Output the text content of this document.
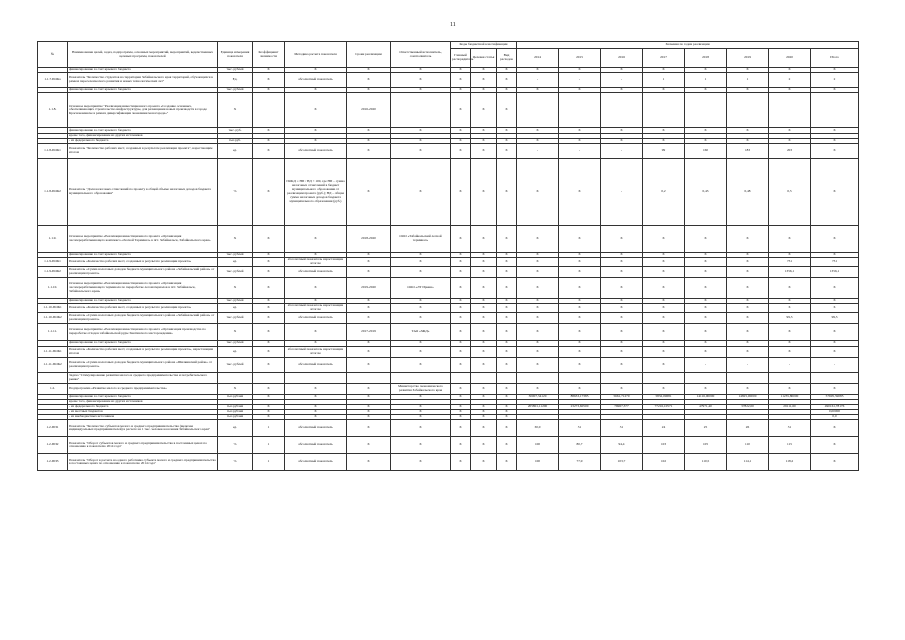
11
№	Наименование целей, задач, подпрограмм, основных мероприятий, мероприятий, ведомственных целевых программ, показателей	Единица измерения показателя	Коэффициент значимости	Методика расчета показателя	Сроки реализации	Ответственный исполнитель, соисполнитель	Коды бюджетной классификации			Значения по годам реализации							
							Главный распорядитель	Целевая статья	Вид расходов	2014	2015	2016	2017	2018	2019	2020	Итого
	финансирование за счет краевого бюджета	тыс. рублей	X	X	X	X	X	X	X	X	X	X	X	X	X	X	X
1.1.7.ПОКа	Показатель "Количество студентов на территории Забайкальского края территорий, обучающихся в рамках переселенческого развития и новых технологических лет"	Ед.	X	абсолютный показатель	X	X	X	X	X	-	-	-	1	1	1	2	2
	финансирование за счет краевого бюджета	тыс. рублей	X	X	X	X	X	X	X	X	X	X	X	X	X	X	X
1.1.8.	Основное мероприятие "Реализация инвестиционного проекта «Создание основных, обеспечивающих строительство инфраструктуры, для размещения новых производств в городе Краснокаменске в рамках диверсификации экономики моногорода»"	X		X	2016-2020		X	X	X								
	финансирование за счет краевого бюджета	тыс. руб.	X	X	X	X	X	X	X	X	X	X	X	X	X	X	X
	кроме того, финансирование из других источников																
	- из федерального бюджета	тыс.руб.	X	X	X	X	X	X	X	X	X	X	X	X	X	X	X
1.1.8-ПОК1	Показатель "Количество рабочих мест, созданных в результате реализации проекта", нарастающим итогом	ед.	X	абсолютный показатель	X	X	X	X	X	-	-	-	99	160	183	203	X
1.1.8-ПОК2	Показатель "Доля налоговых отчислений по проекту в общей объеме налоговых доходов бюджета муниципального образования"	%	X	ПОКД = НП / НД × 100, где НП – сумма налоговых отчислений в бюджет муниципального образования от реализации проекта (руб.); НД – общая сумма налоговых доходов бюджета муниципального образования (руб.)	X	X	X	X	X	X	X	-	0,2	0,43	0,48	0,5	X
1.1.9.	Основное мероприятие «Реализация инвестиционного проекта «Организация лесоперерабатывающего комплекса «Лесной Терминал» в пгт. Забайкальск, Забайкальского края»	X	X	X	2018-2020	ООО «Забайкальский лесной терминал»	X	X	X	X	X	X	X	X	X	X	X
	финансирование за счет краевого бюджета	тыс. рублей	X	X	X	X	X	X	X	X	X	X	X	X	X	X	X
1.1.9-ПОК1	Показатель «Количество рабочих мест, созданных в результате реализации проекта»	ед.	X	абсолютный показатель нарастающим итогом	X	X	X	X	X	X	X	X	X	X	X	731	731
1.1.9-ПОК2	Показатель «Сумма налоговых доходов бюджета муниципального района «Забайкальский район» от реализации проекта»	тыс. рублей	X	абсолютный показатель	X	X	X	X	X	X	X	X	X	X	X	1356,1	1356,1
1.1.10.	Основное мероприятие «Реализация инвестиционного проекта «Организация лесоперерабатывающего терминала по переработке лесоматериалов в пгт. Забайкальск, Забайкальского края»	X	X	X	2019-2020	ООО «ЛТ Ирмен»	X	X	X	X	X	X	X	X	X	X	X
	финансирование за счет краевого бюджета	тыс. рублей	X	X	X	X	X	X	X	X	X	X	X	X	X	X	X
1.1.10-ПОК1	Показатель «Количество рабочих мест, созданных в результате реализации проекта»	ед.	X	абсолютный показатель нарастающим итогом	X	X	X	X	X	X	X	X	X	X	X	6	6
1.1.10-ПОК2	Показатель «Сумма налоговых доходов бюджета муниципального района «Забайкальский район» от реализации проекта»	тыс. рублей	X	абсолютный показатель	X	X	X	X	X	X	X	X	X	X	X	99,3	99,3
1.1.11.	Основное мероприятие «Реализация инвестиционного проекта «Организация производства по переработке отходов забайкальской руды Заютинского месторождения»	X	X	X	2017-2019	ТАО «ЗЖД»	X	X	X	X	X	X	X	X	X	X	X
	финансирование за счет краевого бюджета	тыс. рублей	X	X	X	X	X	X	X	X	X	X	X	X	X	X	X
1.1.11-ПОК1	Показатель «Количество рабочих мест, созданных в результате реализации проекта», нарастающим итогом	ед.	X	абсолютный показатель нарастающим итогом	X	X	X	X	X	X	X	X	X	X	X	X	X
1.1.11-ПОК2	Показатель «Сумма налоговых доходов бюджета муниципального района «Шилкинский район» от реализации проекта»	тыс. рублей	X	абсолютный показатель	X	X	X	X	X	X	X	X	X	-	-	-	-
	Задача "Стимулирование развития малого и среднего предпринимательства и потребительского рынка"																
1.2.	Подпрограмма «Развитие малого и среднего предпринимательства»	X	X	X	X	Министерство экономического развития Забайкальского края	X	X	X	X	X	X	X	X	X	X	X
	финансирование за счет краевого бюджета	тыс.рублей	X	X	X	X	X	X	X	30007,34120	88633,17385	5661,71270	5832,09681	14116,00000	14825,00000	11235,80000	57695,59085
	кроме того, финансирование из других источников																
	- из федерального бюджета	тыс.рублей	X	X	X	X	X	X	X	205801,11200	23273,60500	76967,377	77216,10571	47971,40	37822,00	29111,60	490161,78176
	- из местных бюджетов	тыс.рублей	X	X	X	X	X	X	X								0,00000
	- из внебюджетных источников	тыс.рублей	X	X	X	X	X	X	X								0,0
1.2-ПП1	Показатель "Количество субъектов малого и среднего предпринимательства (включая индивидуальных предпринимателей) в расчете на 1 тыс. человек населения Забайкальского края"	ед.	1	абсолютный показатель	X	X	X	X	X	30,0	31	31	24	25	26	31	X
1.2-ПП2	Показатель "Оборот субъектов малого и среднего предпринимательства в постоянных ценах по отношению к показателю 2014 года"	%	1	абсолютный показатель	X	X	X	X	X	100	80,7	94,4	103	105	110	115	X
1.2-ПП3	Показатель "Оборот в расчете на одного работника субъекта малого и среднего предпринимательства в постоянных ценах по отношению к показателю 2014 года"	%	1	абсолютный показатель	X	X	X	X	X	100	77,9	103,7	102	110,5	114,1	118,2	X
